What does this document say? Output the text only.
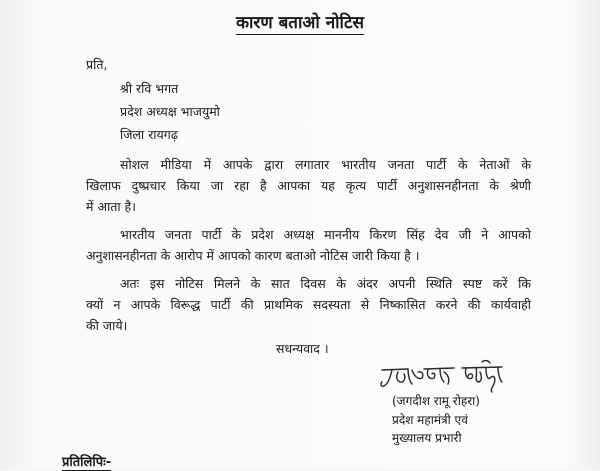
कारण बताओ नोटिस
प्रति,
श्री रवि भगत
प्रदेश अध्यक्ष भाजयुमो
जिला रायगढ़
सोशल मीडिया में आपके द्वारा लगातार भारतीय जनता पार्टी के नेताओं के
खिलाफ दुष्प्रचार किया जा रहा है आपका यह कृत्य पार्टी अनुशासनहीनता के श्रेणी
में आता है।
भारतीय जनता पार्टी के प्रदेश अध्यक्ष माननीय किरण सिंह देव जी ने आपको
अनुशासनहीनता के आरोप में आपको कारण बताओ नोटिस जारी किया है ।
अतः इस नोटिस मिलने के सात दिवस के अंदर अपनी स्थिति स्पष्ट करें कि
क्यों न आपके विरूद्ध पार्टी की प्राथमिक सदस्यता से निष्कासित करने की कार्यवाही
की जाये।
सधन्यवाद ।
(जगदीश रामू रोहरा)
प्रदेश महामंत्री एवं
मुख्यालय प्रभारी
प्रतिलिपिः-
